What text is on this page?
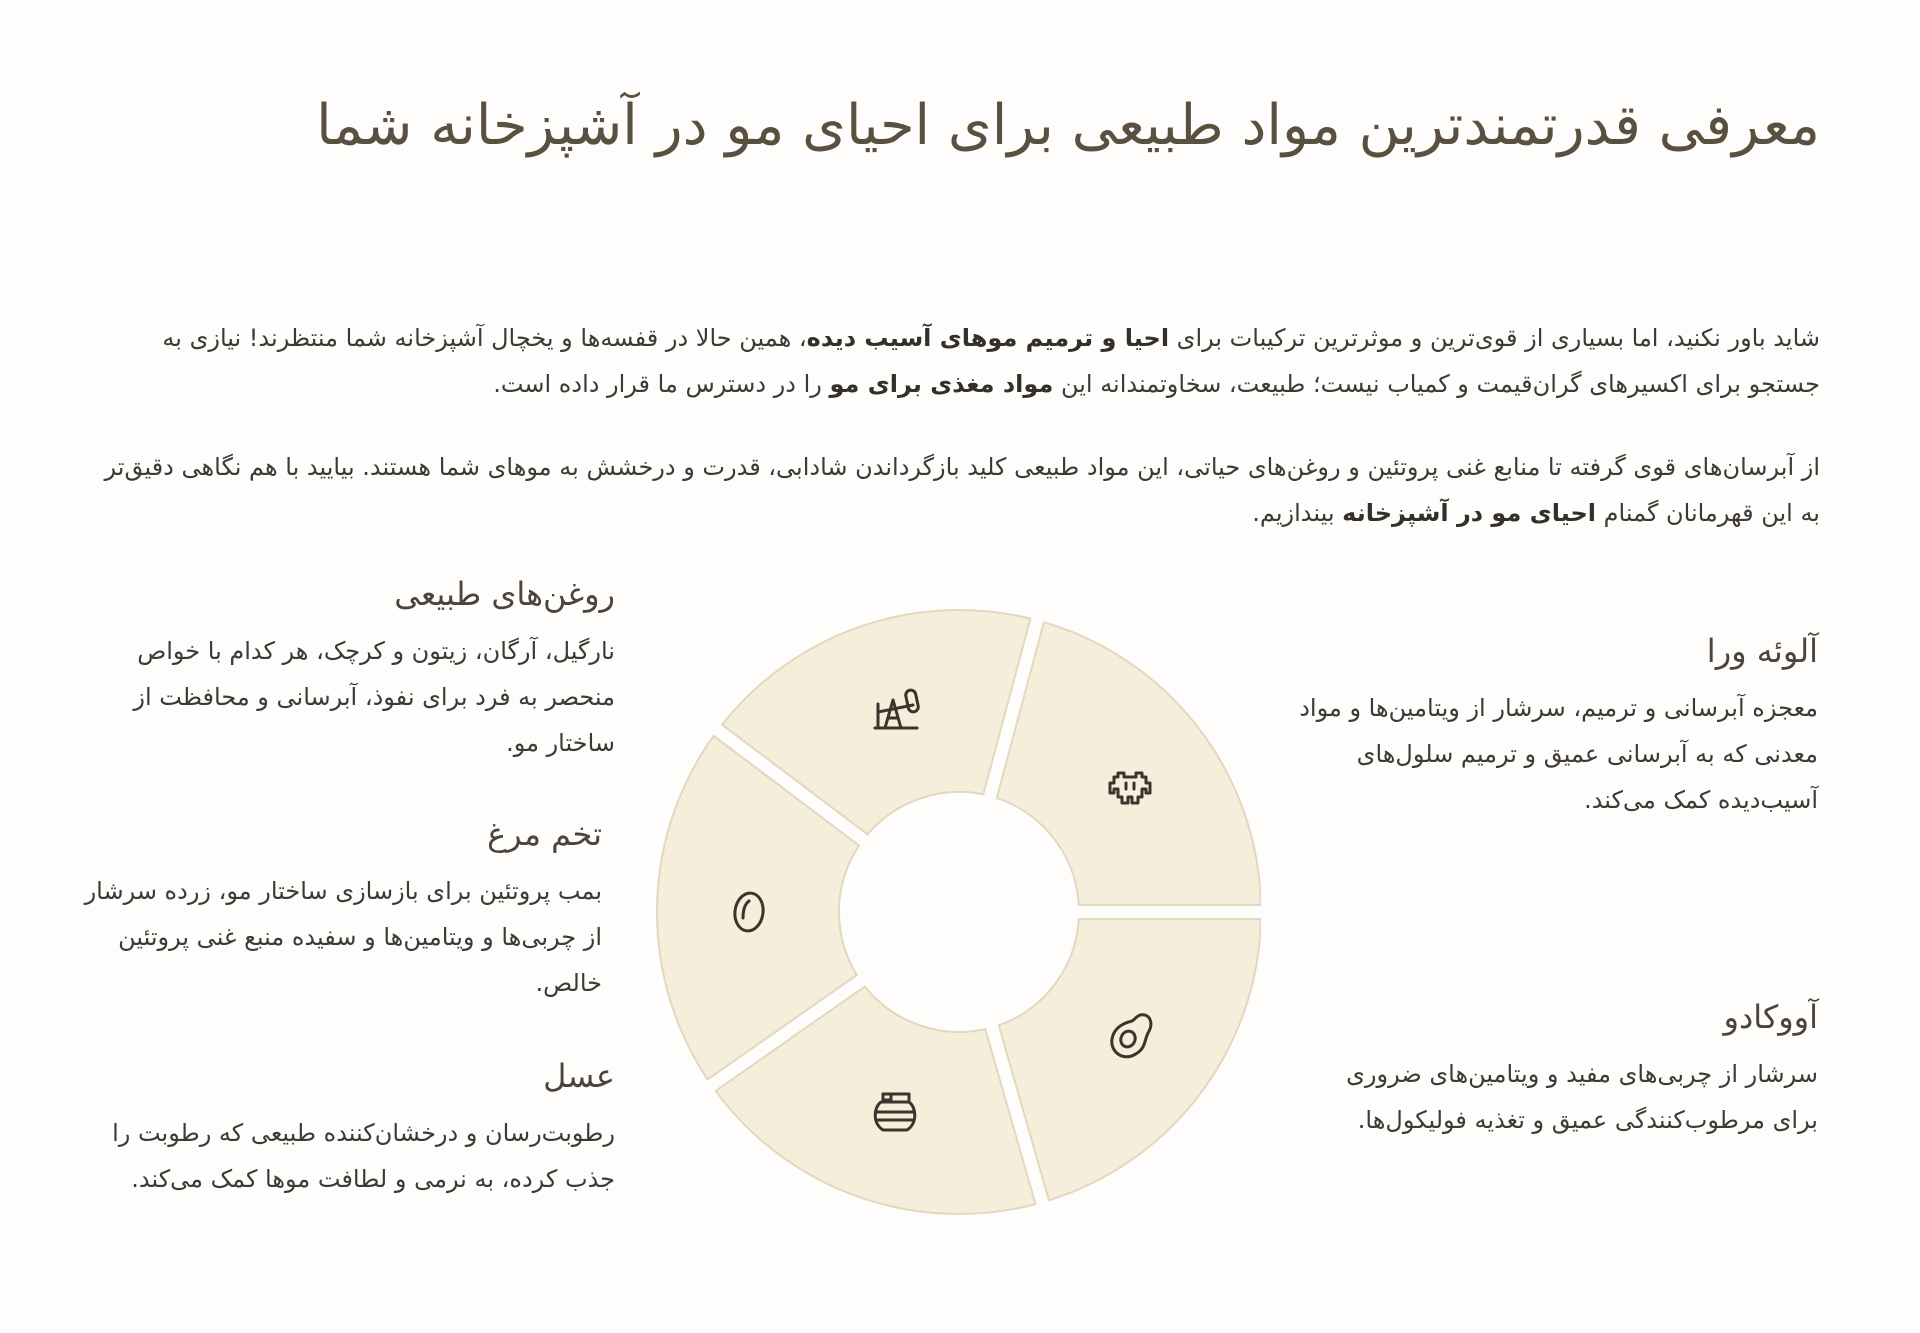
معرفی قدرتمندترین مواد طبیعی برای احیای مو در آشپزخانه شما

شاید باور نکنید، اما بسیاری از قوی‌ترین و موثرترین ترکیبات برای احیا و ترمیم موهای آسیب دیده، همین حالا در قفسه‌ها و یخچال آشپزخانه شما منتظرند! نیازی به جستجو برای اکسیرهای گران‌قیمت و کمیاب نیست؛ طبیعت، سخاوتمندانه این مواد مغذی برای مو را در دسترس ما قرار داده است.

از آبرسان‌های قوی گرفته تا منابع غنی پروتئین و روغن‌های حیاتی، این مواد طبیعی کلید بازگرداندن شادابی، قدرت و درخشش به موهای شما هستند. بیایید با هم نگاهی دقیق‌تر به این قهرمانان گمنام احیای مو در آشپزخانه بیندازیم.

روغن‌های طبیعی

نارگیل، آرگان، زیتون و کرچک، هر کدام با خواص منحصر به فرد برای نفوذ، آبرسانی و محافظت از ساختار مو.

تخم مرغ

بمب پروتئین برای بازسازی ساختار مو، زرده سرشار از چربی‌ها و ویتامین‌ها و سفیده منبع غنی پروتئین خالص.

عسل

رطوبت‌رسان و درخشان‌کننده طبیعی که رطوبت را جذب کرده، به نرمی و لطافت موها کمک می‌کند.

آلوئه ورا

معجزه آبرسانی و ترمیم، سرشار از ویتامین‌ها و مواد معدنی که به آبرسانی عمیق و ترمیم سلول‌های آسیب‌دیده کمک می‌کند.

آووکادو

سرشار از چربی‌های مفید و ویتامین‌های ضروری برای مرطوب‌کنندگی عمیق و تغذیه فولیکول‌ها.
